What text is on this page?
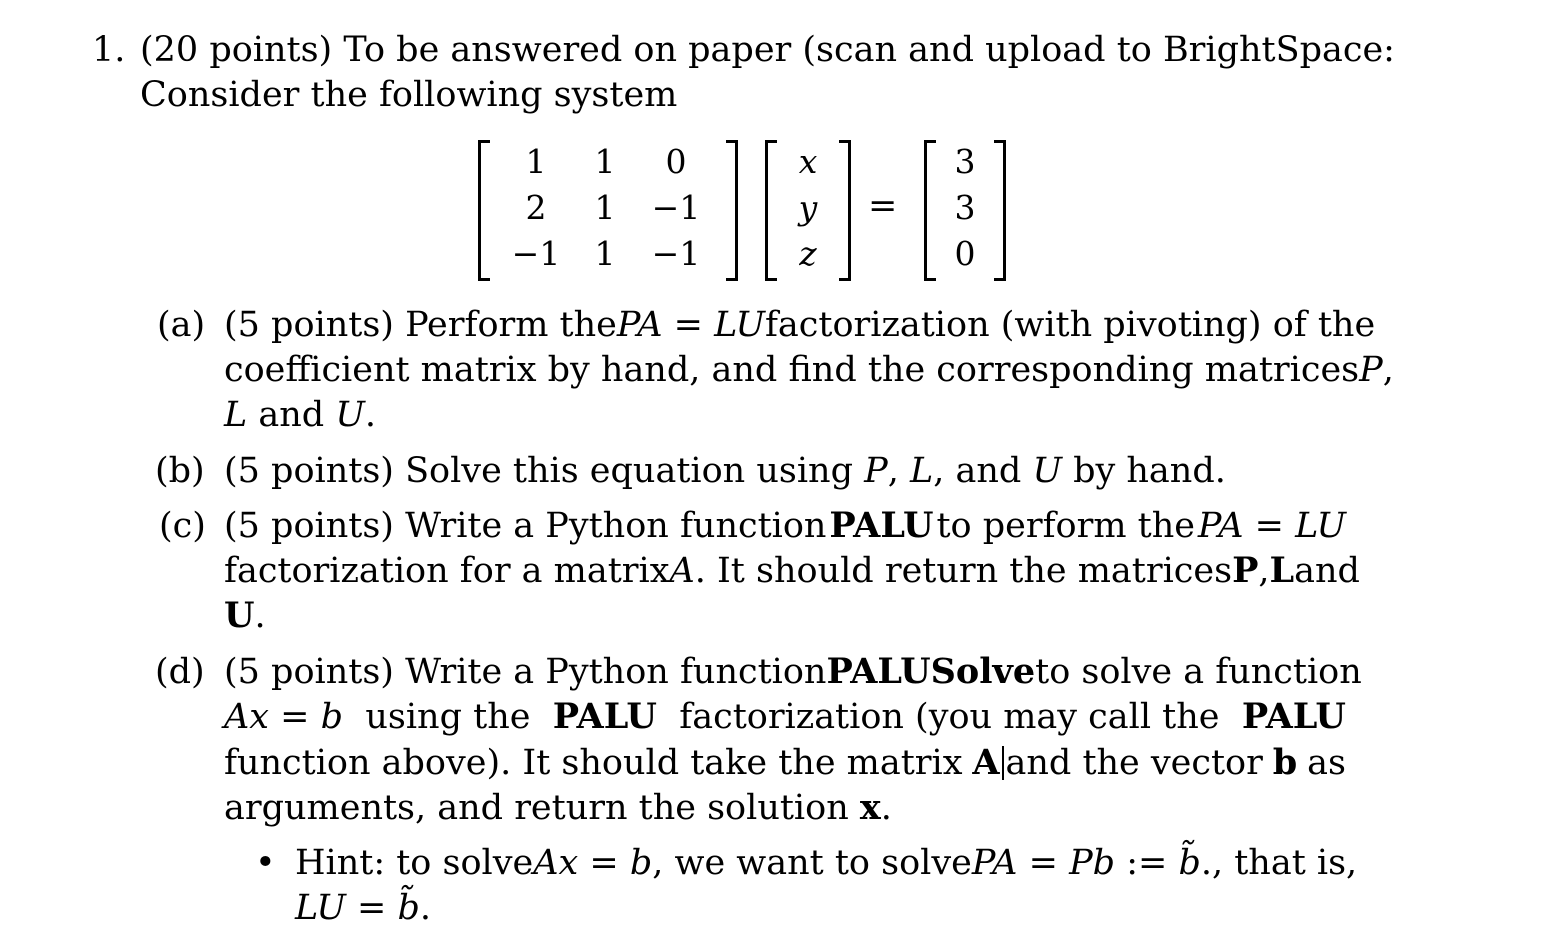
1. (20 points) To be answered on paper (scan and upload to BrightSpace:
Consider the following system
1	1	0
2	1	−1
−1	1	−1
x
y
z
=
3
3
0
(a) (5 points) Perform the PA = LU factorization (with pivoting) of the
coefficient matrix by hand, and find the corresponding matrices P,
L and U.
(b) (5 points) Solve this equation using P, L, and U by hand.
(c) (5 points) Write a Python function PALU to perform the PA = LU
factorization for a matrix A. It should return the matrices P, L and
U.
(d) (5 points) Write a Python function PALUSolve to solve a function
Ax = b using the PALU factorization (you may call the PALU
function above). It should take the matrix A and the vector b as
arguments, and return the solution x.
• Hint: to solve Ax = b, we want to solve PA = Pb := b̃., that is,
LU = b̃.
